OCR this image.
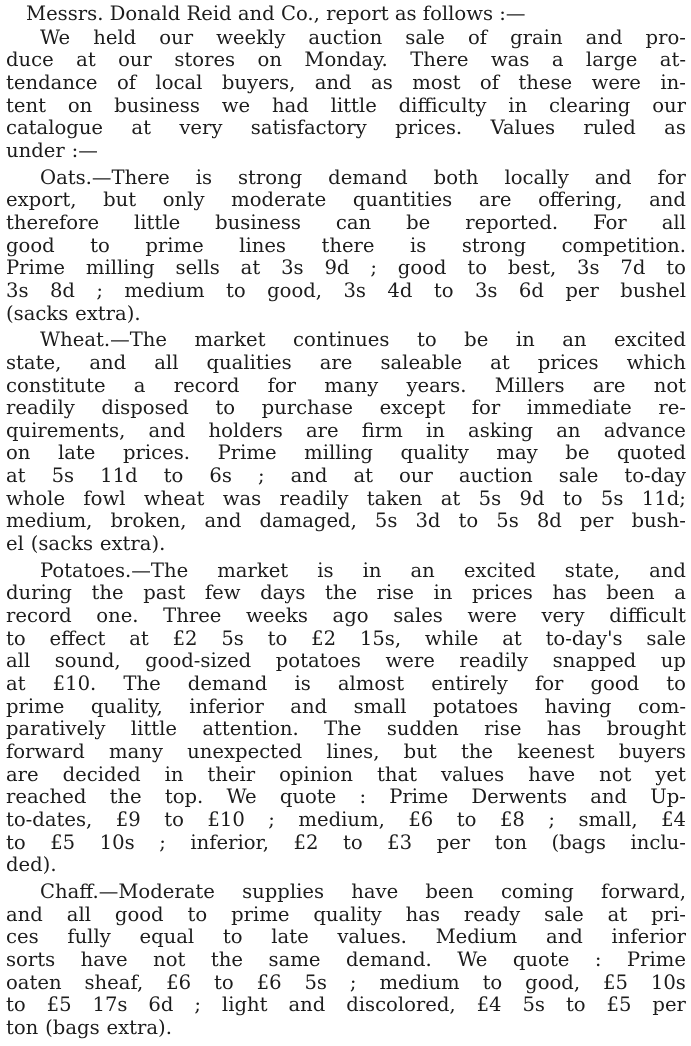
Messrs. Donald Reid and Co., report as follows :—
We held our weekly auction sale of grain and pro-
duce at our stores on Monday. There was a large at-
tendance of local buyers, and as most of these were in-
tent on business we had little difficulty in clearing our
catalogue at very satisfactory prices. Values ruled as
under :—
Oats.—There is strong demand both locally and for
export, but only moderate quantities are offering, and
therefore little business can be reported. For all
good to prime lines there is strong competition.
Prime milling sells at 3s 9d ; good to best, 3s 7d to
3s 8d ; medium to good, 3s 4d to 3s 6d per bushel
(sacks extra).
Wheat.—The market continues to be in an excited
state, and all qualities are saleable at prices which
constitute a record for many years. Millers are not
readily disposed to purchase except for immediate re-
quirements, and holders are firm in asking an advance
on late prices. Prime milling quality may be quoted
at 5s 11d to 6s ; and at our auction sale to-day
whole fowl wheat was readily taken at 5s 9d to 5s 11d;
medium, broken, and damaged, 5s 3d to 5s 8d per bush-
el (sacks extra).
Potatoes.—The market is in an excited state, and
during the past few days the rise in prices has been a
record one. Three weeks ago sales were very difficult
to effect at £2 5s to £2 15s, while at to-day's sale
all sound, good-sized potatoes were readily snapped up
at £10. The demand is almost entirely for good to
prime quality, inferior and small potatoes having com-
paratively little attention. The sudden rise has brought
forward many unexpected lines, but the keenest buyers
are decided in their opinion that values have not yet
reached the top. We quote : Prime Derwents and Up-
to-dates, £9 to £10 ; medium, £6 to £8 ; small, £4
to £5 10s ; inferior, £2 to £3 per ton (bags inclu-
ded).
Chaff.—Moderate supplies have been coming forward,
and all good to prime quality has ready sale at pri-
ces fully equal to late values. Medium and inferior
sorts have not the same demand. We quote : Prime
oaten sheaf, £6 to £6 5s ; medium to good, £5 10s
to £5 17s 6d ; light and discolored, £4 5s to £5 per
ton (bags extra).
